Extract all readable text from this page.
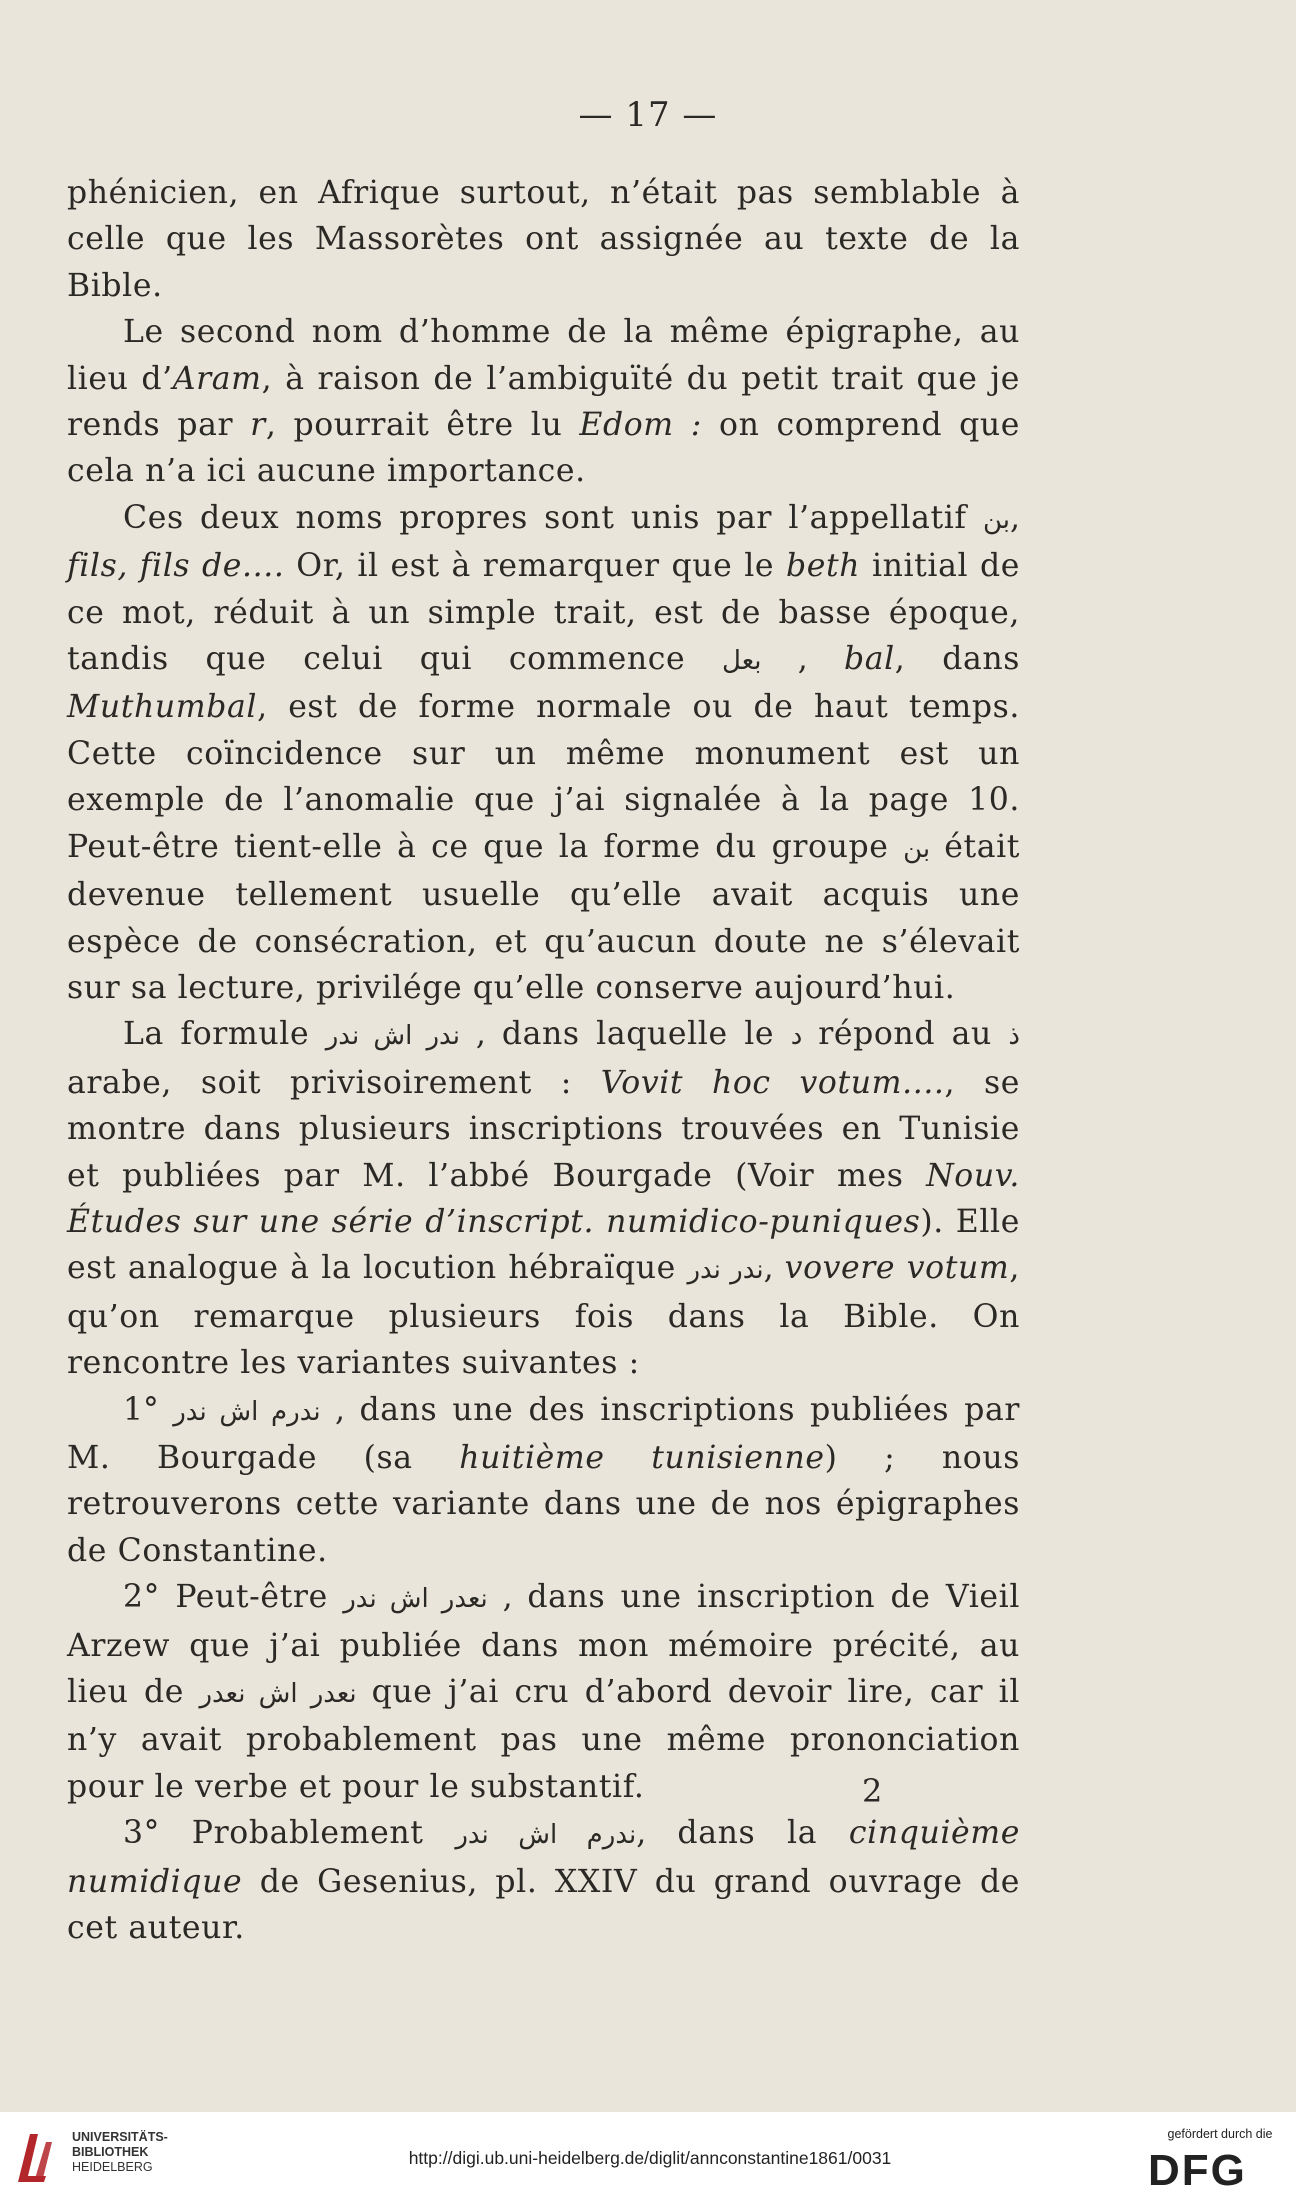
— 17 —

phénicien, en Afrique surtout, n’était pas semblable à celle que les Massorètes ont assignée au texte de la Bible.

Le second nom d’homme de la même épigraphe, au lieu d’Aram, à raison de l’ambiguïté du petit trait que je rends par r, pourrait être lu Edom : on comprend que cela n’a ici aucune importance.

Ces deux noms propres sont unis par l’appellatif بن, fils, fils de.... Or, il est à remarquer que le beth initial de ce mot, réduit à un simple trait, est de basse époque, tandis que celui qui commence بعل , bal, dans Muthumbal, est de forme normale ou de haut temps. Cette coïncidence sur un même monument est un exemple de l’anomalie que j’ai signalée à la page 10. Peut-être tient-elle à ce que la forme du groupe بن était devenue tellement usuelle qu’elle avait acquis une espèce de consécration, et qu’aucun doute ne s’élevait sur sa lecture, privilége qu’elle conserve aujourd’hui.

La formule ندر اش ندر , dans laquelle le د répond au ذ arabe, soit privisoirement : Vovit hoc votum...., se montre dans plusieurs inscriptions trouvées en Tunisie et publiées par M. l’abbé Bourgade (Voir mes Nouv. Études sur une série d’inscript. numidico-puniques). Elle est analogue à la locution hébraïque ندر ندر, vovere votum, qu’on remarque plusieurs fois dans la Bible. On rencontre les variantes suivantes :

1° ندرم اش ندر , dans une des inscriptions publiées par M. Bourgade (sa huitième tunisienne) ; nous retrouverons cette variante dans une de nos épigraphes de Constantine.

2° Peut-être نعدر اش ندر , dans une inscription de Vieil Arzew que j’ai publiée dans mon mémoire précité, au lieu de نعدر اش نعدر que j’ai cru d’abord devoir lire, car il n’y avait probablement pas une même prononciation pour le verbe et pour le substantif.

3° Probablement ندرم اش ندر, dans la cinquième numidique de Gesenius, pl. XXIV du grand ouvrage de cet auteur.

2
UNIVERSITÄTS-
BIBLIOTHEK
HEIDELBERG	http://digi.ub.uni-heidelberg.de/diglit/annconstantine1861/0031
gefördert durch die
DFG
